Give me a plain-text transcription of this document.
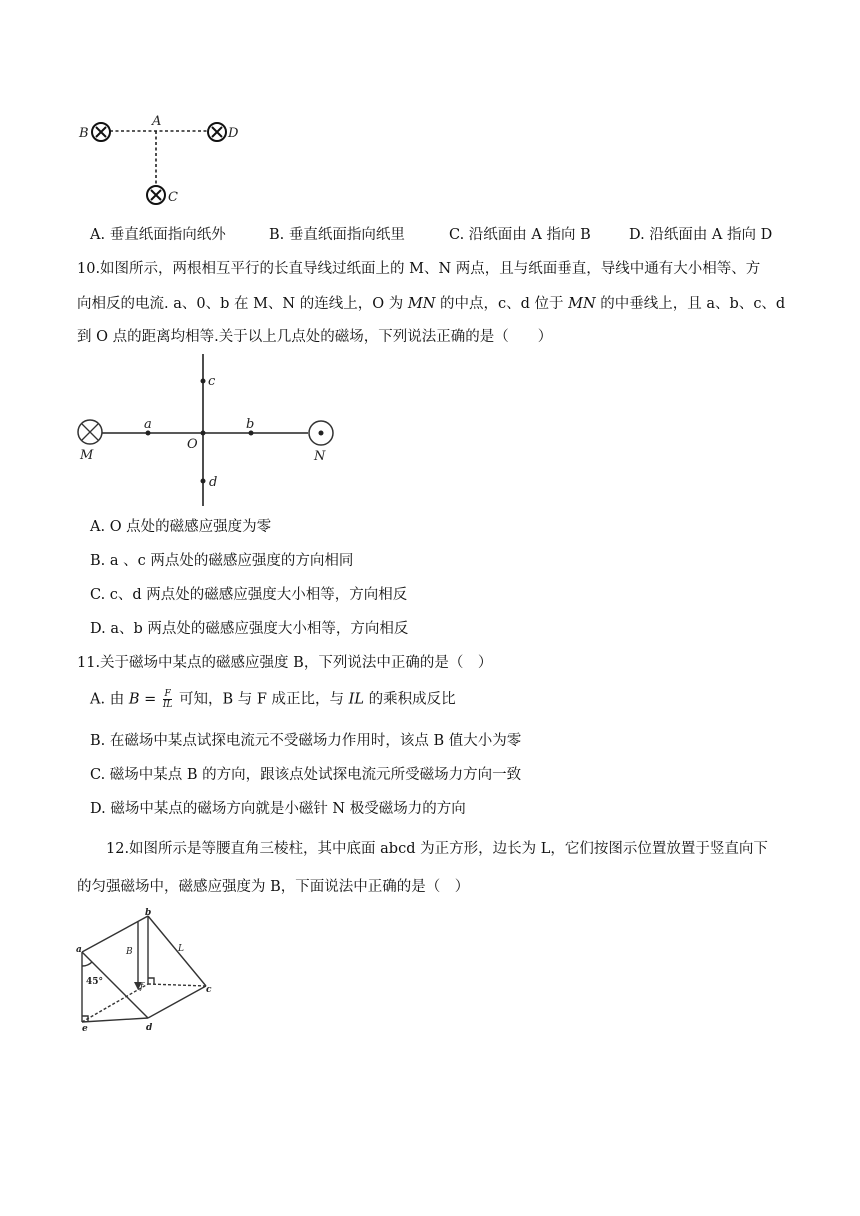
B
A
D
C
A. 垂直纸面指向纸外	B. 垂直纸面指向纸里	C. 沿纸面由 A 指向 B	D. 沿纸面由 A 指向 D
10.如图所示，两根相互平行的长直导线过纸面上的 M、N 两点，且与纸面垂直，导线中通有大小相等、方
向相反的电流. a、0、b 在 M、N 的连线上，O 为 MN 的中点，c、d 位于 MN 的中垂线上，且 a、b、c、d
到 O 点的距离均相等.关于以上几点处的磁场，下列说法正确的是（　　）
c
a	b
O
M	N
d
A. O 点处的磁感应强度为零
B. a 、c 两点处的磁感应强度的方向相同
C. c、d 两点处的磁感应强度大小相等，方向相反
D. a、b 两点处的磁感应强度大小相等，方向相反
11.关于磁场中某点的磁感应强度 B，下列说法中正确的是（　）
A. 由 $B = \frac{F}{IL}$ 可知，B 与 F 成正比，与 IL 的乘积成反比
B. 在磁场中某点试探电流元不受磁场力作用时，该点 B 值大小为零
C. 磁场中某点 B 的方向，跟该点处试探电流元所受磁场力方向一致
D. 磁场中某点的磁场方向就是小磁针 N 极受磁场力的方向
12.如图所示是等腰直角三棱柱，其中底面 abcd 为正方形，边长为 L，它们按图示位置放置于竖直向下
的匀强磁场中，磁感应强度为 B，下面说法中正确的是（　）
a
b
c
d
e
f
B	L
45°
